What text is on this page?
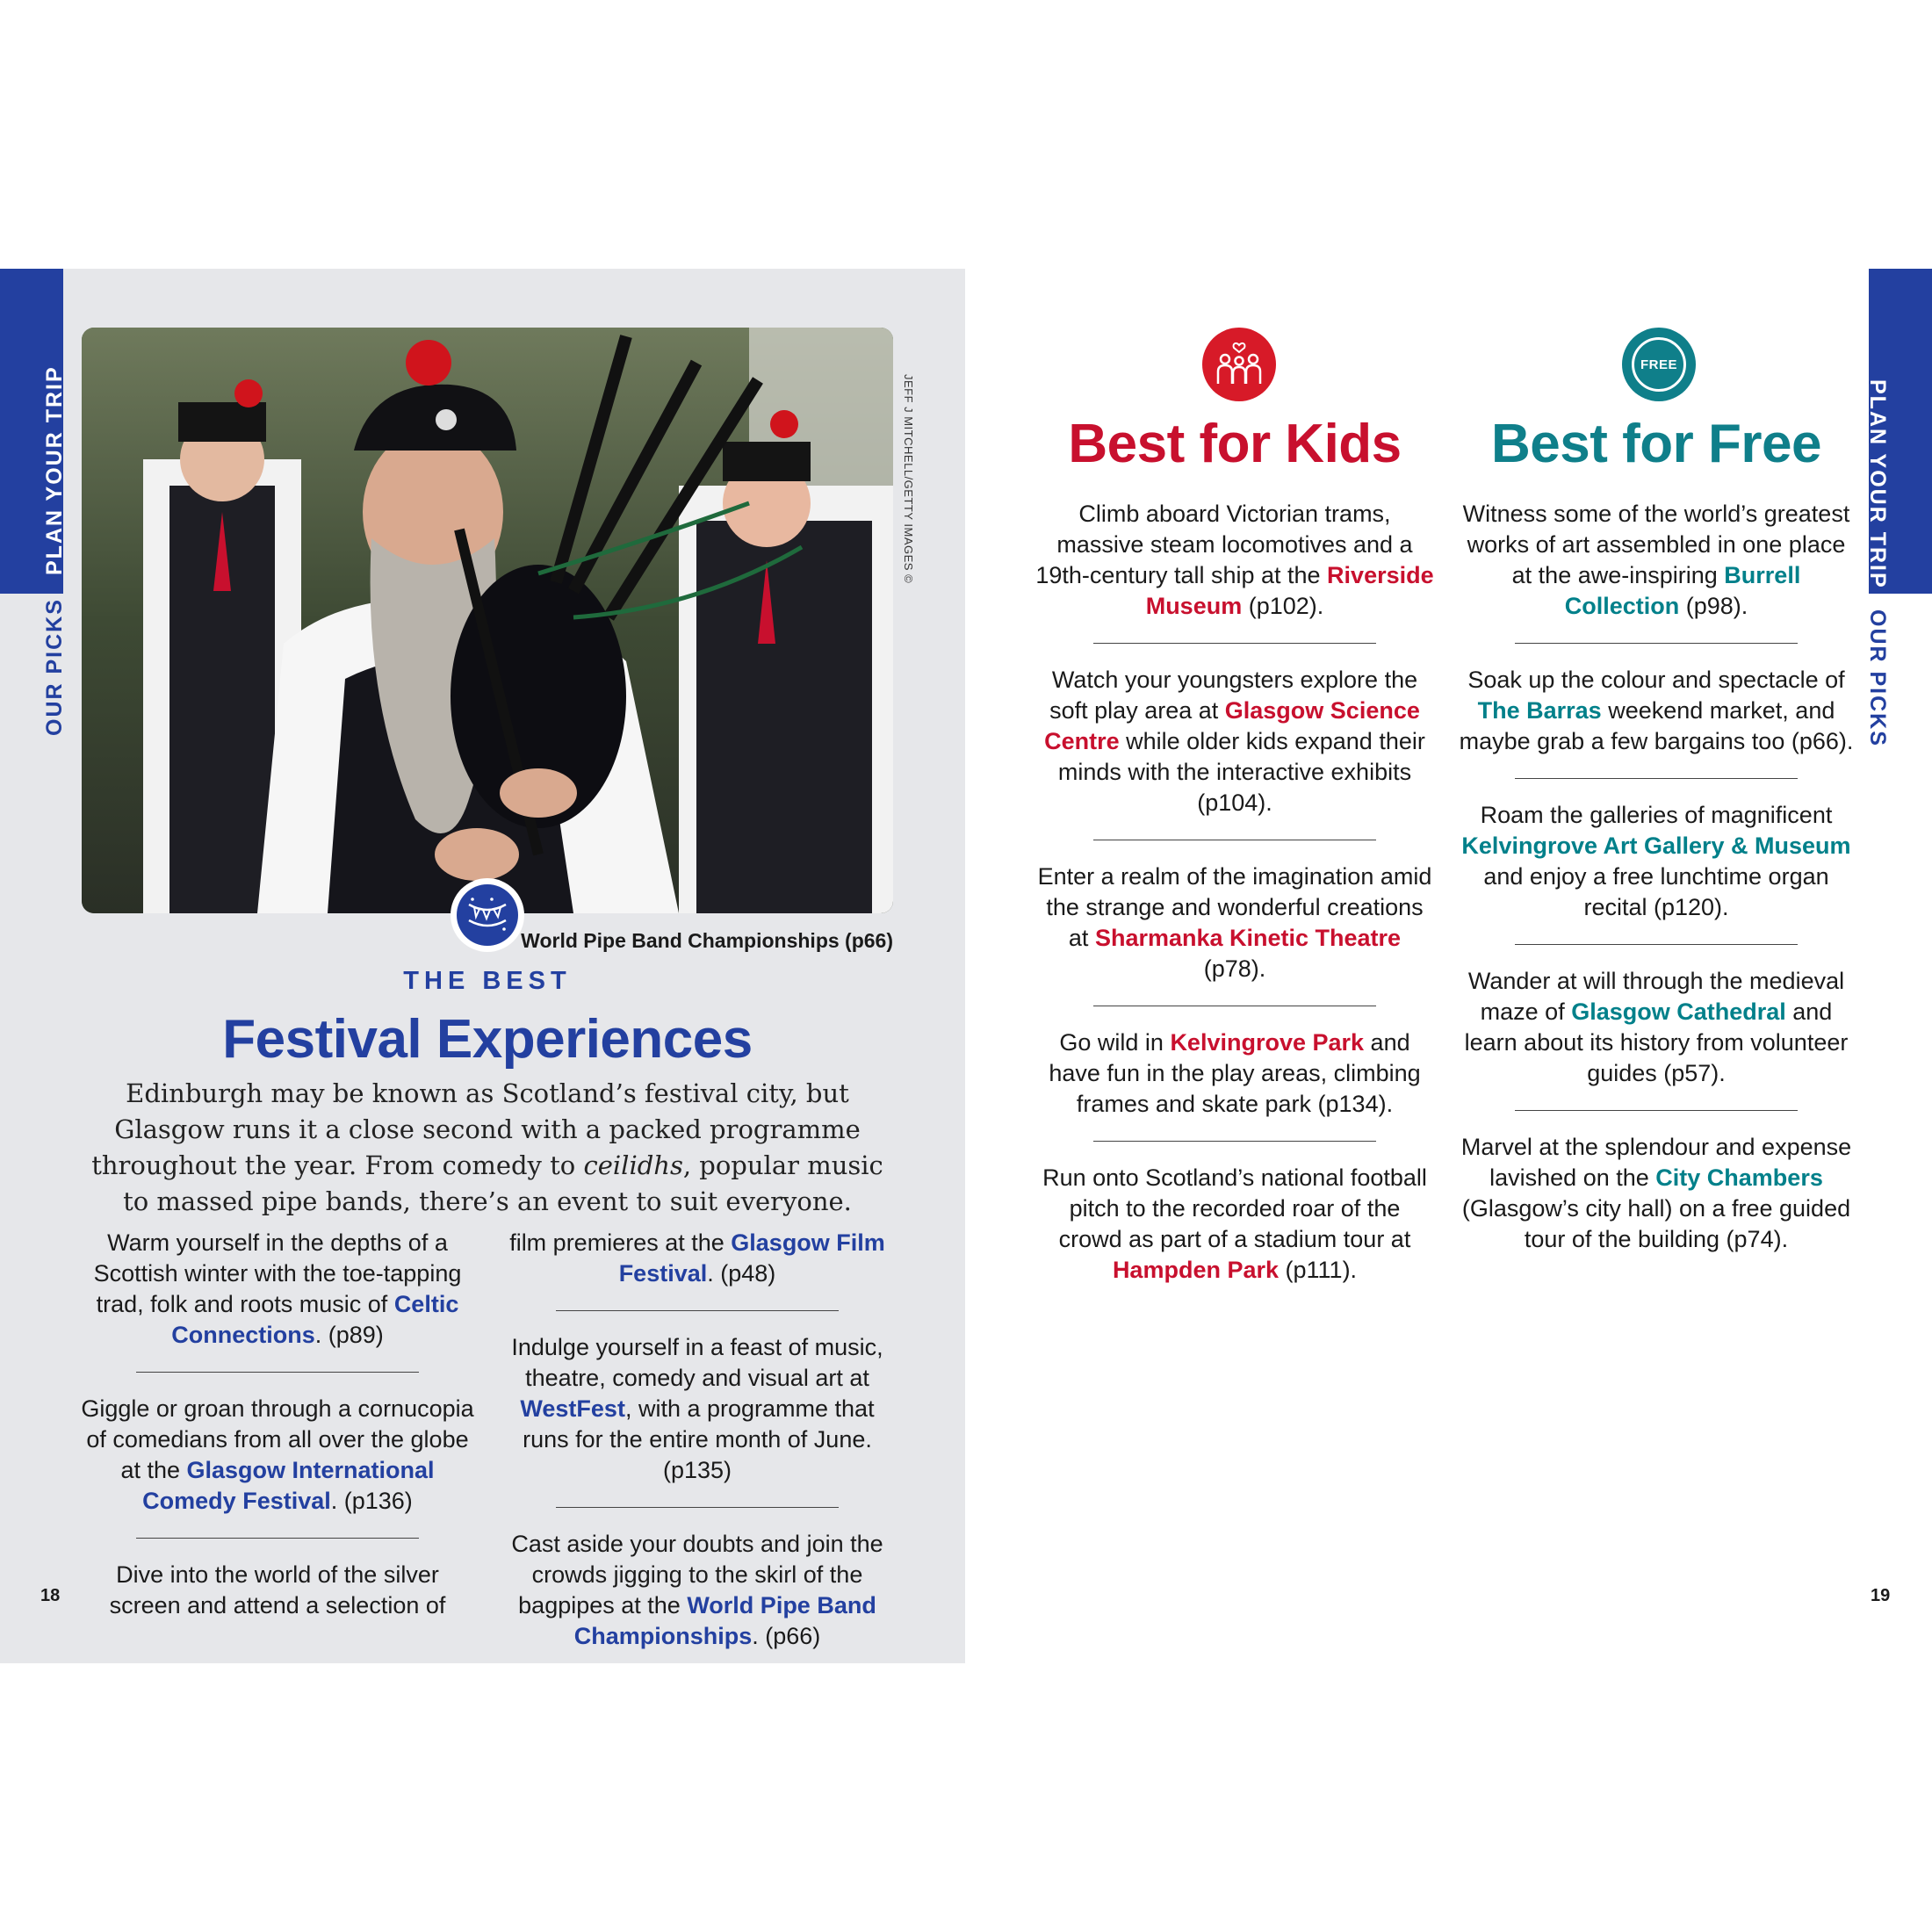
PLAN YOUR TRIP
OUR PICKS
PLAN YOUR TRIP
OUR PICKS
JEFF J MITCHELL/GETTY IMAGES ©
World Pipe Band Championships (p66)
THE BEST
Festival Experiences
Edinburgh may be known as Scotland’s festival city, but Glasgow runs it a close second with a packed programme throughout the year. From comedy to ceilidhs, popular music to massed pipe bands, there’s an event to suit everyone.

Warm yourself in the depths of a Scottish winter with the toe-tapping trad, folk and roots music of Celtic Connections. (p89)

Giggle or groan through a cornucopia of comedians from all over the globe at the Glasgow International Comedy Festival. (p136)

Dive into the world of the silver screen and attend a selection of

film premieres at the Glasgow Film Festival. (p48)

Indulge yourself in a feast of music, theatre, comedy and visual art at WestFest, with a programme that runs for the entire month of June. (p135)

Cast aside your doubts and join the crowds jigging to the skirl of the bagpipes at the World Pipe Band Championships. (p66)

18
FREE
Best for Kids	Best for Free

Climb aboard Victorian trams, massive steam locomotives and a 19th-century tall ship at the Riverside Museum (p102).

Watch your youngsters explore the soft play area at Glasgow Science Centre while older kids expand their minds with the interactive exhibits (p104).

Enter a realm of the imagination amid the strange and wonderful creations at Sharmanka Kinetic Theatre (p78).

Go wild in Kelvingrove Park and have fun in the play areas, climbing frames and skate park (p134).

Run onto Scotland’s national football pitch to the recorded roar of the crowd as part of a stadium tour at Hampden Park (p111).

Witness some of the world’s greatest works of art assembled in one place at the awe-inspiring Burrell Collection (p98).

Soak up the colour and spectacle of The Barras weekend market, and maybe grab a few bargains too (p66).

Roam the galleries of magnificent Kelvingrove Art Gallery & Museum and enjoy a free lunchtime organ recital (p120).

Wander at will through the medieval maze of Glasgow Cathedral and learn about its history from volunteer guides (p57).

Marvel at the splendour and expense lavished on the City Chambers (Glasgow’s city hall) on a free guided tour of the building (p74).

19
